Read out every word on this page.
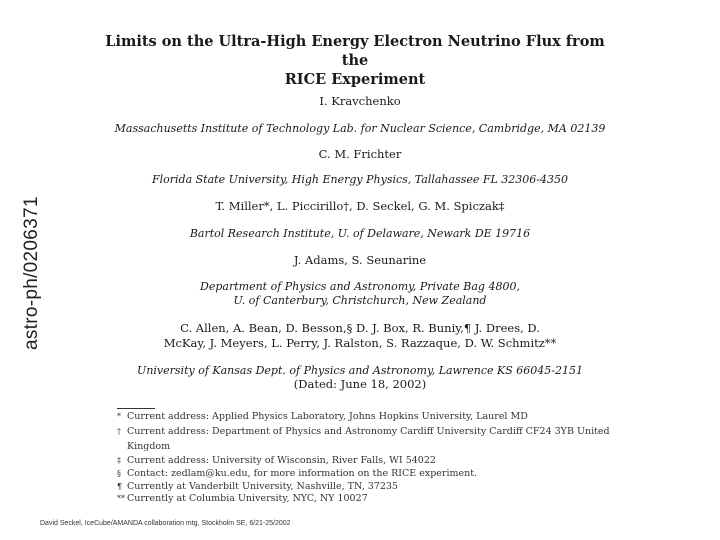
astro-ph/0206371
Limits on the Ultra-High Energy Electron Neutrino Flux from the
RICE Experiment
I. Kravchenko
Massachusetts Institute of Technology Lab. for Nuclear Science, Cambridge, MA 02139
C. M. Frichter
Florida State University, High Energy Physics, Tallahassee FL 32306-4350
T. Miller*, L. Piccirillo†, D. Seckel, G. M. Spiczak‡
Bartol Research Institute, U. of Delaware, Newark DE 19716
J. Adams, S. Seunarine
Department of Physics and Astronomy, Private Bag 4800,
U. of Canterbury, Christchurch, New Zealand
C. Allen, A. Bean, D. Besson,§ D. J. Box, R. Buniy,¶ J. Drees, D.
McKay, J. Meyers, L. Perry, J. Ralston, S. Razzaque, D. W. Schmitz**
University of Kansas Dept. of Physics and Astronomy, Lawrence KS 66045-2151
(Dated: June 18, 2002)
* Current address: Applied Physics Laboratory, Johns Hopkins University, Laurel MD
† Current address: Department of Physics and Astronomy Cardiff University Cardiff CF24 3YB United
Kingdom
‡ Current address: University of Wisconsin, River Falls, WI 54022
§ Contact: zedlam@ku.edu, for more information on the RICE experiment.
¶ Currently at Vanderbilt University, Nashville, TN, 37235
** Currently at Columbia University, NYC, NY 10027
David Seckel, IceCube/AMANDA collaboration mtg, Stockholm SE, 6/21-25/2002
